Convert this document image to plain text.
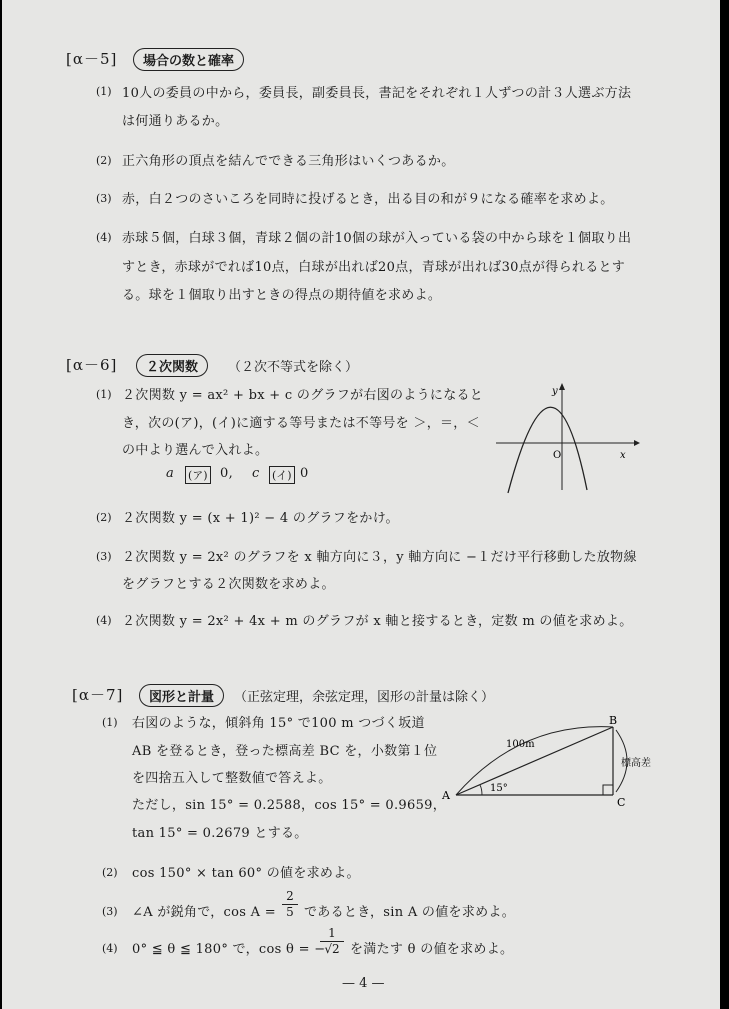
[α－5]	場合の数と確率
(1) 10人の委員の中から，委員長，副委員長，書記をそれぞれ１人ずつの計３人選ぶ方法
は何通りあるか。
(2) 正六角形の頂点を結んでできる三角形はいくつあるか。
(3) 赤，白２つのさいころを同時に投げるとき，出る目の和が９になる確率を求めよ。
(4) 赤球５個，白球３個，青球２個の計10個の球が入っている袋の中から球を１個取り出
すとき，赤球がでれば10点，白球が出れば20点，青球が出れば30点が得られるとす
る。球を１個取り出すときの得点の期待値を求めよ。
[α－6]	２次関数	（２次不等式を除く）
(1) ２次関数 y = ax² + bx + c のグラフが右図のようになると
き，次の(ア)，(イ)に適する等号または不等号を ＞，＝，＜
の中より選んで入れよ。
a (ア) 0, c (イ) 0
y
x
O
(2) ２次関数 y = (x + 1)² − 4 のグラフをかけ。
(3) ２次関数 y = 2x² のグラフを x 軸方向に３，y 軸方向に −１だけ平行移動した放物線
をグラフとする２次関数を求めよ。
(4) ２次関数 y = 2x² + 4x + m のグラフが x 軸と接するとき，定数 m の値を求めよ。
[α－7]	図形と計量	（正弦定理，余弦定理，図形の計量は除く）
(1) 右図のような，傾斜角 15° で100 m つづく坂道
AB を登るとき，登った標高差 BC を，小数第１位
を四捨五入して整数値で答えよ。
ただし，sin 15° = 0.2588，cos 15° = 0.9659，
tan 15° = 0.2679 とする。
A
B
C
100m
15°
標高差
(2) cos 150° × tan 60° の値を求めよ。
(3) ∠A が鋭角で，$\cos A = \frac{2}{5}$ であるとき，sin A の値を求めよ。
(4) 0° ≦ θ ≦ 180° で，cos θ = −
$\frac{1}{√2}$ を満たす θ の値を求めよ。
— 4 —
